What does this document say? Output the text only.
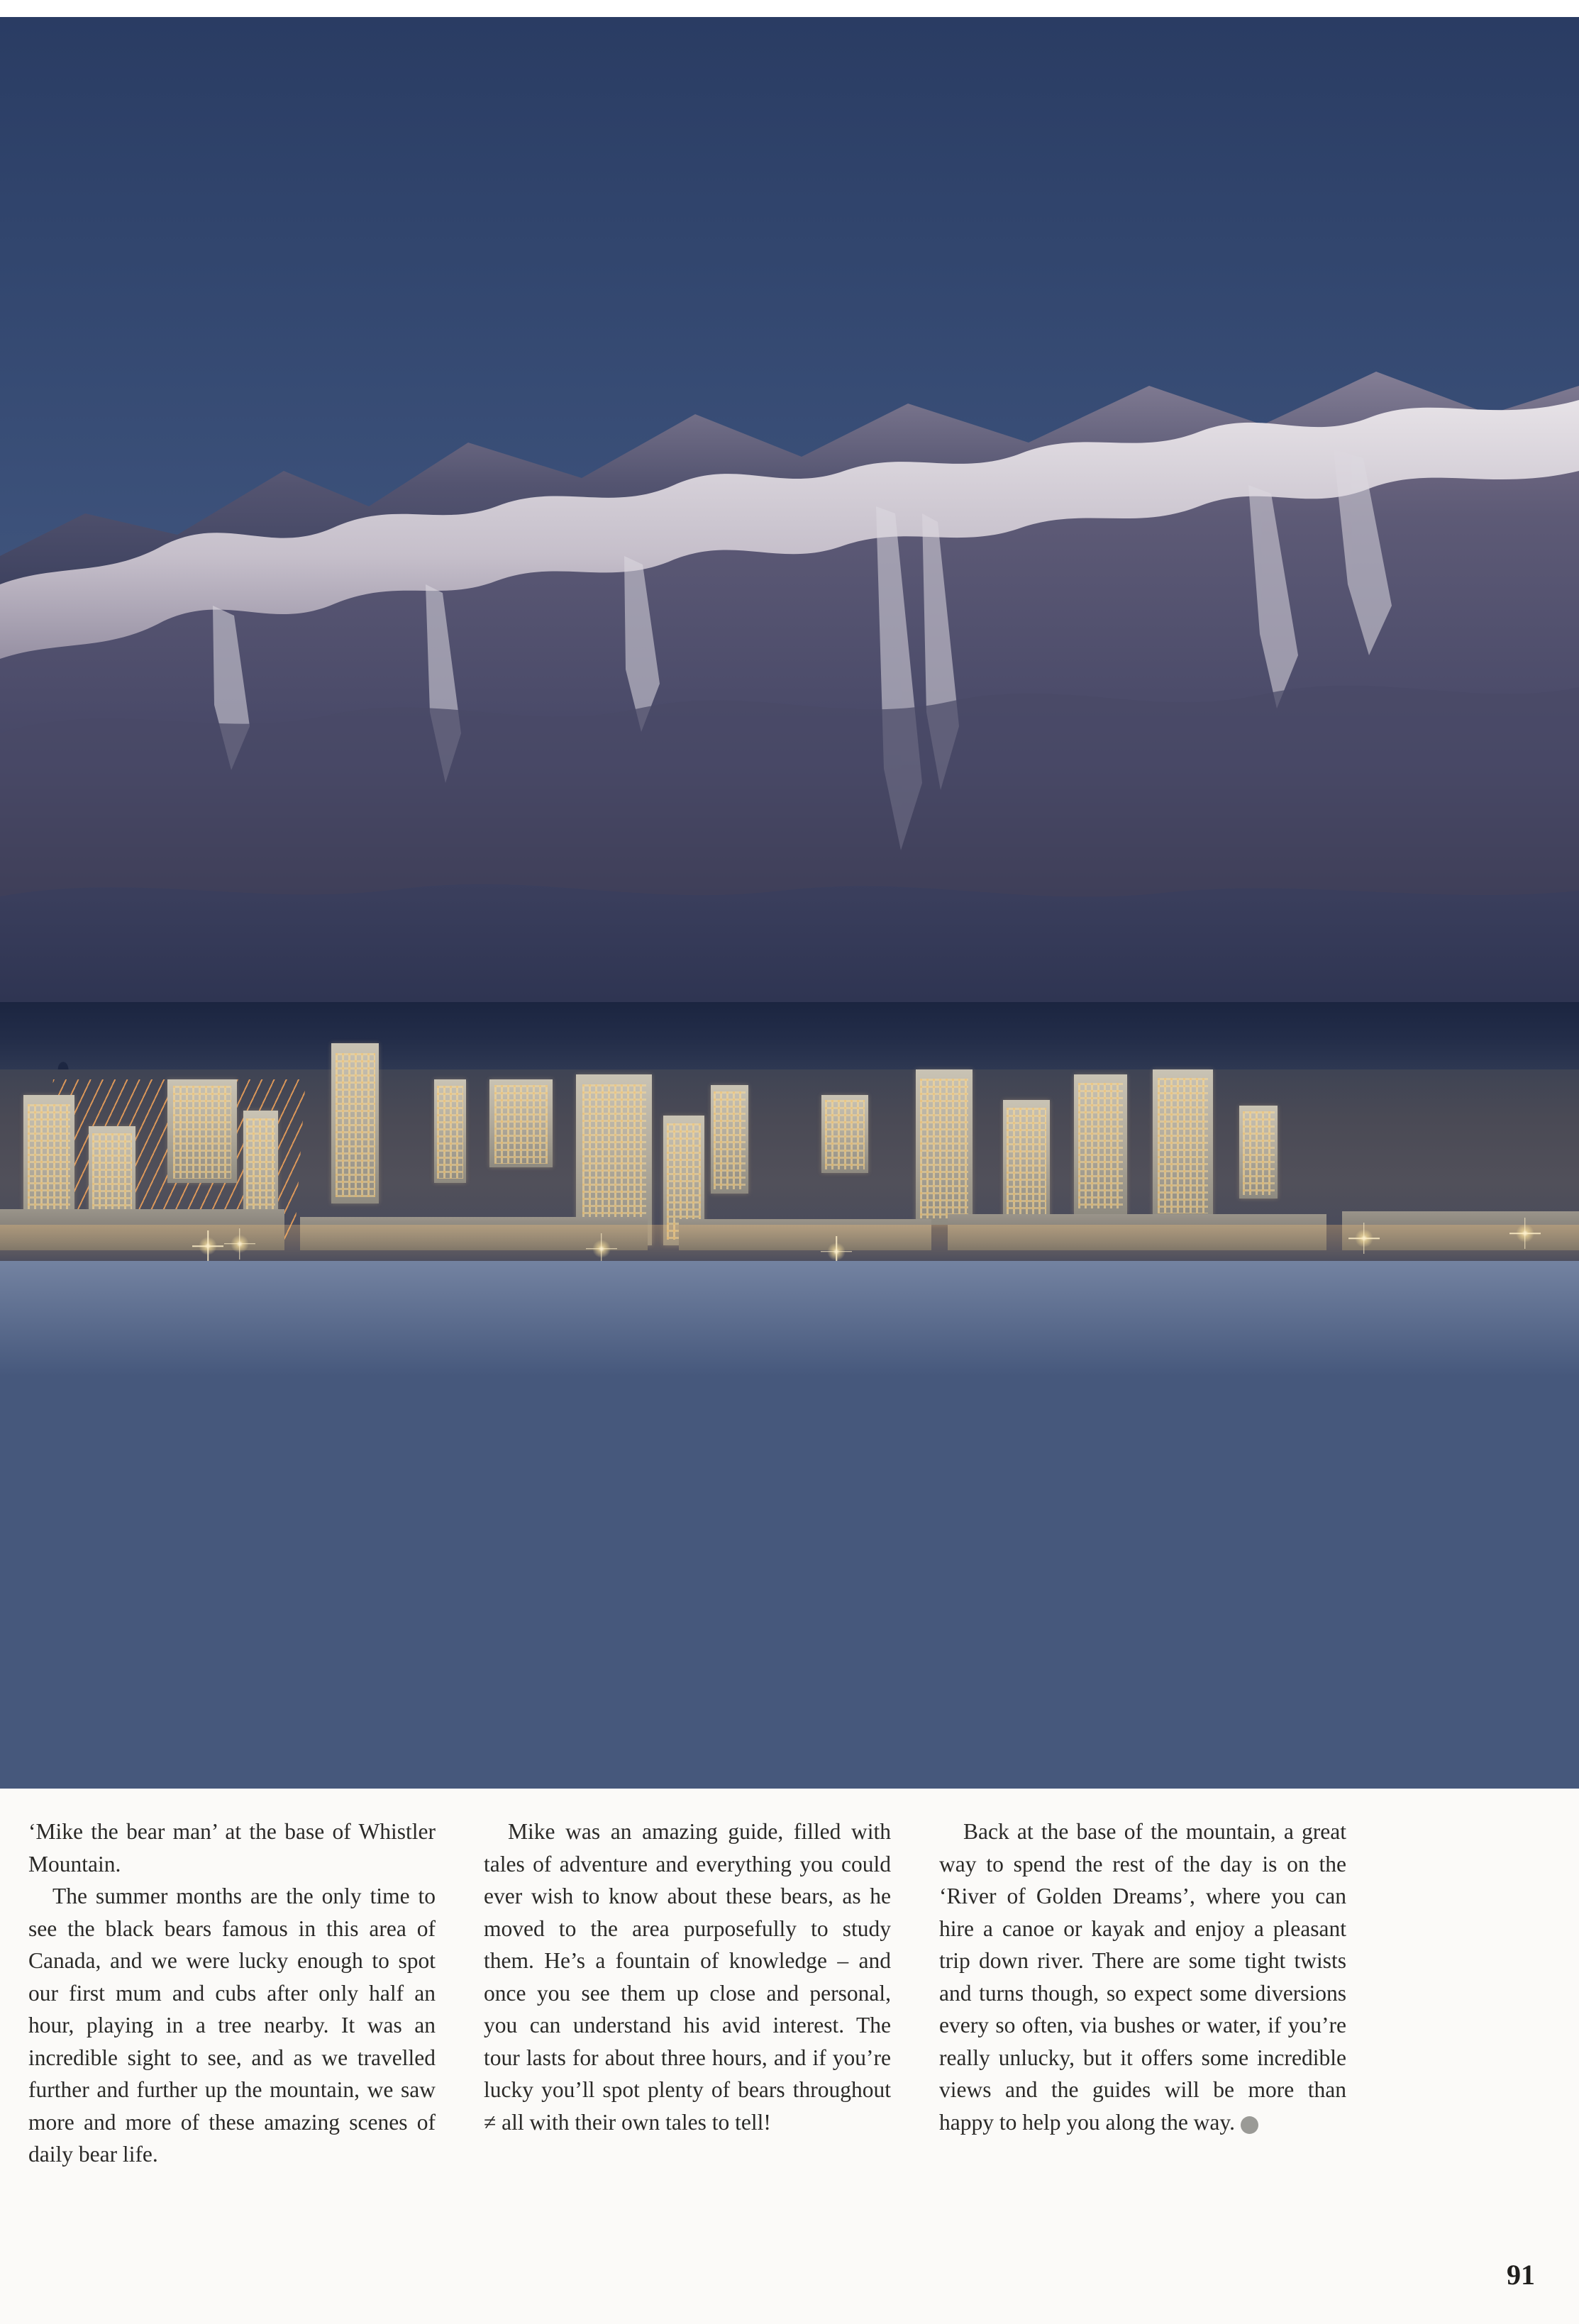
‘Mike the bear man’ at the base of Whistler Mountain.

The summer months are the only time to see the black bears famous in this area of Canada, and we were lucky enough to spot our first mum and cubs after only half an hour, playing in a tree nearby. It was an incredible sight to see, and as we travelled further and further up the mountain, we saw more and more of these amazing scenes of daily bear life.

Mike was an amazing guide, filled with tales of adventure and everything you could ever wish to know about these bears, as he moved to the area purposefully to study them. He’s a fountain of knowledge – and once you see them up close and personal, you can understand his avid interest. The tour lasts for about three hours, and if you’re lucky you’ll spot plenty of bears throughout ≠ all with their own tales to tell!

Back at the base of the mountain, a great way to spend the rest of the day is on the ‘River of Golden Dreams’, where you can hire a canoe or kayak and enjoy a pleasant trip down river. There are some tight twists and turns though, so expect some diversions every so often, via bushes or water, if you’re really unlucky, but it offers some incredible views and the guides will be more than happy to help you along the way.	▸

91
